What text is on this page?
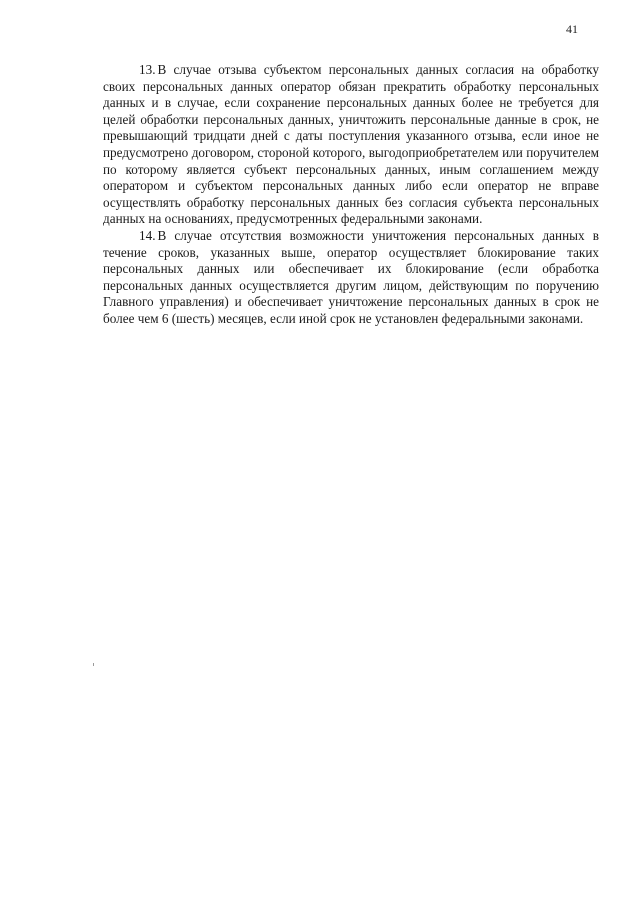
41

13. В случае отзыва субъектом персональных данных согласия на обработку своих персональных данных оператор обязан прекратить обработку персональных данных и в случае, если сохранение персональных данных более не требуется для целей обработки персональных данных, уничтожить персональные данные в срок, не превышающий тридцати дней с даты поступления указанного отзыва, если иное не предусмотрено договором, стороной которого, выгодоприобретателем или поручителем по которому является субъект персональных данных, иным соглашением между оператором и субъектом персональных данных либо если оператор не вправе осуществлять обработку персональных данных без согласия субъекта персональных данных на основаниях, предусмотренных федеральными законами.

14. В случае отсутствия возможности уничтожения персональных данных в течение сроков, указанных выше, оператор осуществляет блокирование таких персональных данных или обеспечивает их блокирование (если обработка персональных данных осуществляется другим лицом, действующим по поручению Главного управления) и обеспечивает уничтожение персональных данных в срок не более чем 6 (шесть) месяцев, если иной срок не установлен федеральными законами.
